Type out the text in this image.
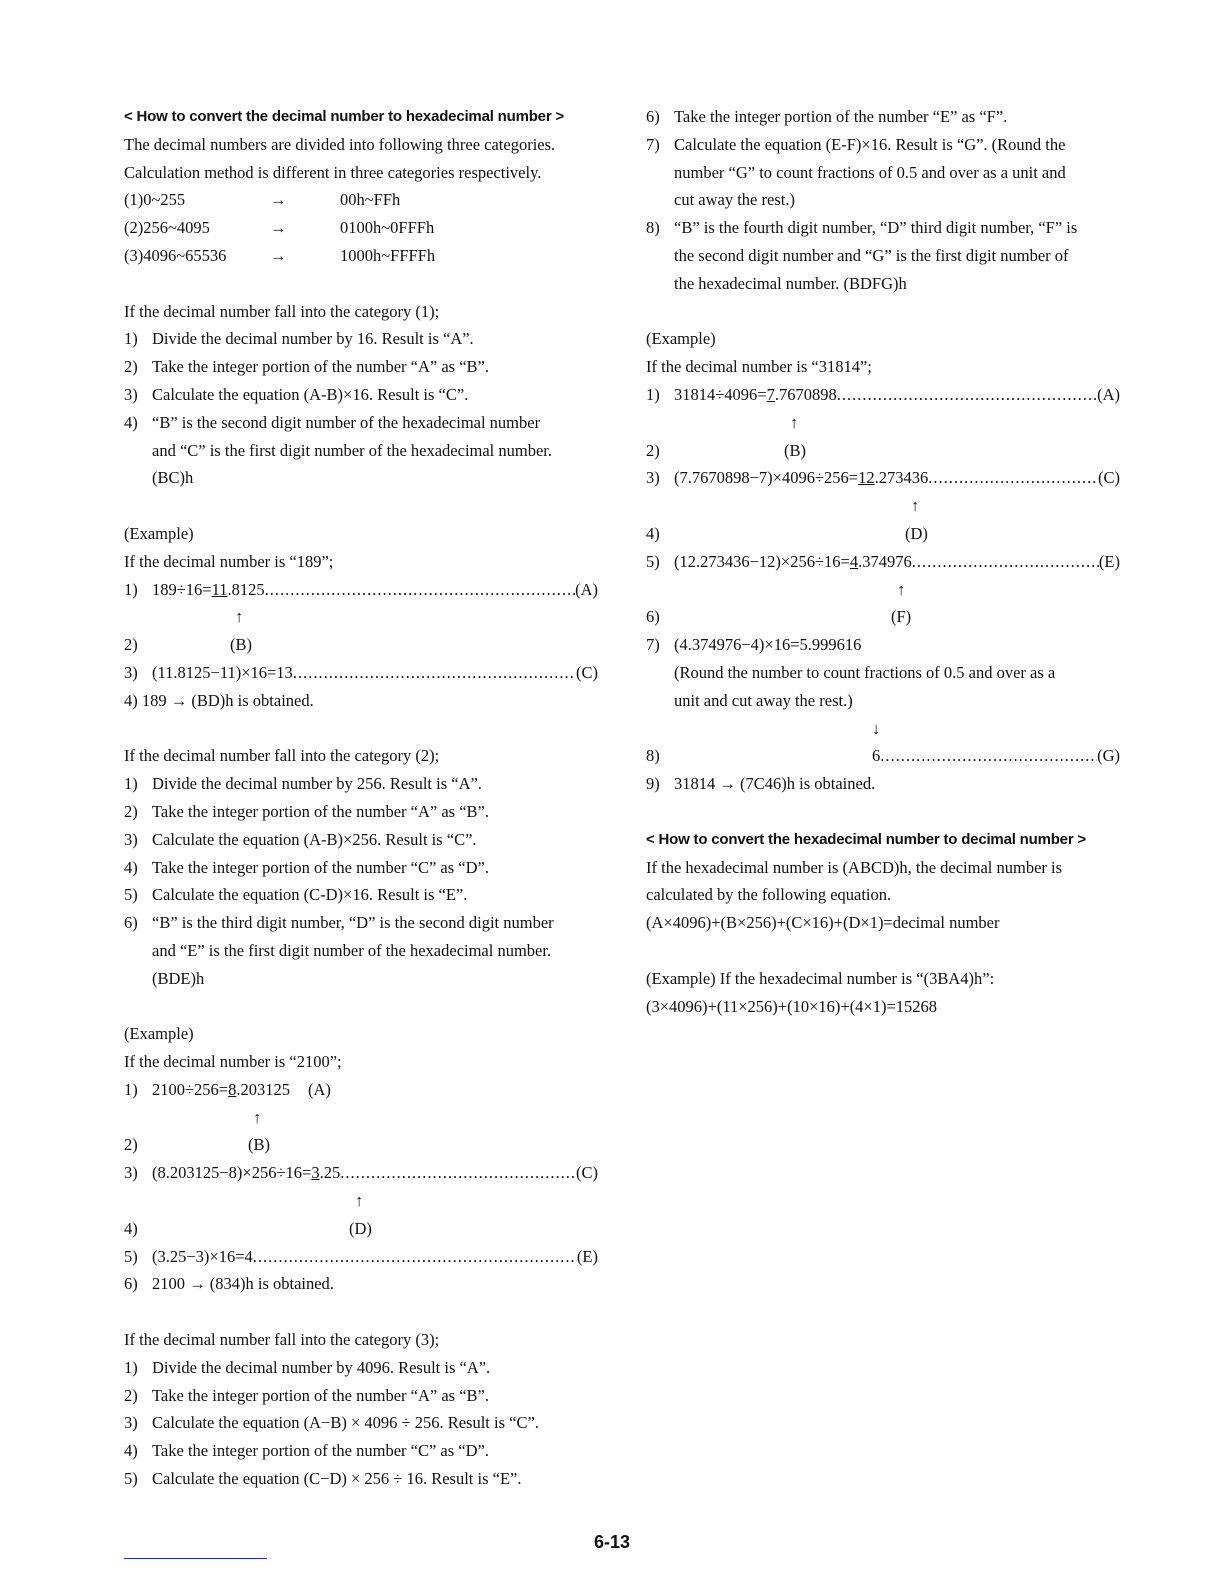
< How to convert the decimal number to hexadecimal number >
The decimal numbers are divided into following three categories.
Calculation method is different in three categories respectively.
(1)0~255	→	00h~FFh
(2)256~4095	→	0100h~0FFFh
(3)4096~65536	→	1000h~FFFFh
If the decimal number fall into the category (1);
1) Divide the decimal number by 16. Result is “A”.
2) Take the integer portion of the number “A” as “B”.
3) Calculate the equation (A-B)×16. Result is “C”.
4) “B” is the second digit number of the hexadecimal number
and “C” is the first digit number of the hexadecimal number.
(BC)h
(Example)
If the decimal number is “189”;
1) 189÷16= 11 .8125 .....	(A)
↑
2)	(B)
3) (11.8125−11)×16=13 .....	(C)
4) 189 → (BD)h is obtained.
If the decimal number fall into the category (2);
1) Divide the decimal number by 256. Result is “A”.
2) Take the integer portion of the number “A” as “B”.
3) Calculate the equation (A-B)×256. Result is “C”.
4) Take the integer portion of the number “C” as “D”.
5) Calculate the equation (C-D)×16. Result is “E”.
6) “B” is the third digit number, “D” is the second digit number
and “E” is the first digit number of the hexadecimal number.
(BDE)h
(Example)
If the decimal number is “2100”;
1) 2100÷256=8.203125 (A)
↑
2)	(B)
3) (8.203125−8)×256÷16= 3 .25 .....	(C)
↑
4)	(D)
5) (3.25−3)×16=4 .....	(E)
6) 2100 → (834)h is obtained.
If the decimal number fall into the category (3);
1) Divide the decimal number by 4096. Result is “A”.
2) Take the integer portion of the number “A” as “B”.
3) Calculate the equation (A−B) × 4096 ÷ 256. Result is “C”.
4) Take the integer portion of the number “C” as “D”.
5) Calculate the equation (C−D) × 256 ÷ 16. Result is “E”.
6) Take the integer portion of the number “E” as “F”.
7) Calculate the equation (E-F)×16. Result is “G”. (Round the
number “G” to count fractions of 0.5 and over as a unit and
cut away the rest.)
8) “B” is the fourth digit number, “D” third digit number, “F” is
the second digit number and “G” is the first digit number of
the hexadecimal number. (BDFG)h
(Example)
If the decimal number is “31814”;
1) 31814÷4096= 7 .7670898 .....	(A)
↑
2)	(B)
3) (7.7670898−7)×4096÷256= 12 .273436 .....	(C)
↑
4)	(D)
5) (12.273436−12)×256÷16= 4 .374976 .....	(E)
↑
6)	(F)
7) (4.374976−4)×16=5.999616
(Round the number to count fractions of 0.5 and over as a
unit and cut away the rest.)
↓
8)	6 .....	(G)
9) 31814 → (7C46)h is obtained.
< How to convert the hexadecimal number to decimal number >
If the hexadecimal number is (ABCD)h, the decimal number is
calculated by the following equation.
(A×4096)+(B×256)+(C×16)+(D×1)=decimal number
(Example) If the hexadecimal number is “(3BA4)h”:
(3×4096)+(11×256)+(10×16)+(4×1)=15268
6-13
